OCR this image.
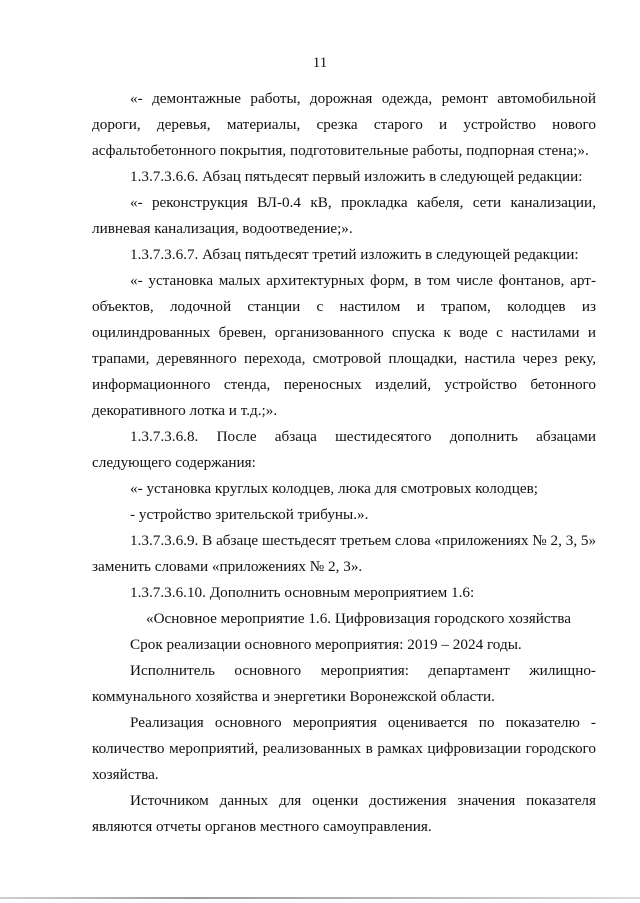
11
«- демонтажные работы, дорожная одежда, ремонт автомобильной
дороги, деревья, материалы, срезка старого и устройство нового
асфальтобетонного покрытия, подготовительные работы, подпорная стена;».
1.3.7.3.6.6. Абзац пятьдесят первый изложить в следующей редакции:
«- реконструкция ВЛ-0.4 кВ, прокладка кабеля, сети канализации,
ливневая канализация, водоотведение;».
1.3.7.3.6.7. Абзац пятьдесят третий изложить в следующей редакции:
«- установка малых архитектурных форм, в том числе фонтанов, арт-
объектов, лодочной станции с настилом и трапом, колодцев из
оцилиндрованных бревен, организованного спуска к воде с настилами и
трапами, деревянного перехода, смотровой площадки, настила через реку,
информационного стенда, переносных изделий, устройство бетонного
декоративного лотка и т.д.;».
1.3.7.3.6.8. После абзаца шестидесятого дополнить абзацами
следующего содержания:
«- установка круглых колодцев, люка для смотровых колодцев;
- устройство зрительской трибуны.».
1.3.7.3.6.9. В абзаце шестьдесят третьем слова «приложениях № 2, 3, 5»
заменить словами «приложениях № 2, 3».
1.3.7.3.6.10. Дополнить основным мероприятием 1.6:
«Основное мероприятие 1.6. Цифровизация городского хозяйства
Срок реализации основного мероприятия: 2019 – 2024 годы.
Исполнитель основного мероприятия: департамент жилищно-
коммунального хозяйства и энергетики Воронежской области.
Реализация основного мероприятия оценивается по показателю -
количество мероприятий, реализованных в рамках цифровизации городского
хозяйства.
Источником данных для оценки достижения значения показателя
являются отчеты органов местного самоуправления.
